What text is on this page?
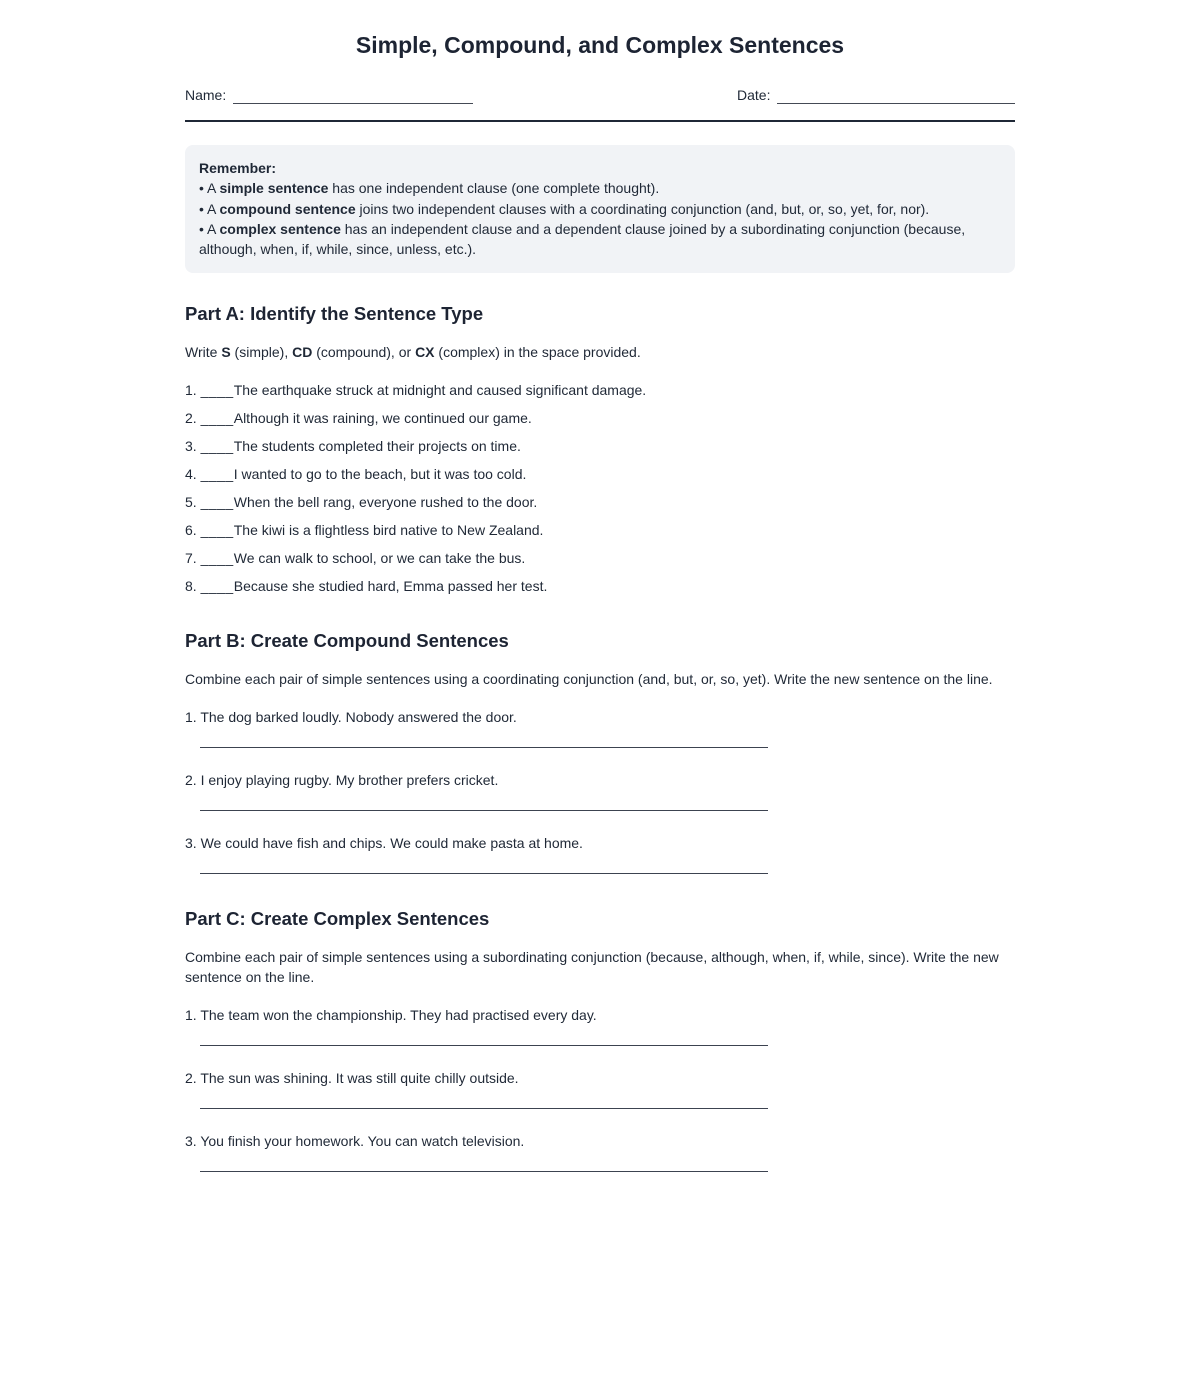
Simple, Compound, and Complex Sentences
Name:	Date:
Remember:
• A simple sentence has one independent clause (one complete thought).
• A compound sentence joins two independent clauses with a coordinating conjunction (and, but, or, so, yet, for, nor).
• A complex sentence has an independent clause and a dependent clause joined by a subordinating conjunction (because, although, when, if, while, since, unless, etc.).
Part A: Identify the Sentence Type

Write S (simple), CD (compound), or CX (complex) in the space provided.

1. ____The earthquake struck at midnight and caused significant damage.
2. ____Although it was raining, we continued our game.
3. ____The students completed their projects on time.
4. ____I wanted to go to the beach, but it was too cold.
5. ____When the bell rang, everyone rushed to the door.
6. ____The kiwi is a flightless bird native to New Zealand.
7. ____We can walk to school, or we can take the bus.
8. ____Because she studied hard, Emma passed her test.
Part B: Create Compound Sentences

Combine each pair of simple sentences using a coordinating conjunction (and, but, or, so, yet). Write the new sentence on the line.

1. The dog barked loudly. Nobody answered the door.
2. I enjoy playing rugby. My brother prefers cricket.
3. We could have fish and chips. We could make pasta at home.
Part C: Create Complex Sentences

Combine each pair of simple sentences using a subordinating conjunction (because, although, when, if, while, since). Write the new sentence on the line.

1. The team won the championship. They had practised every day.
2. The sun was shining. It was still quite chilly outside.
3. You finish your homework. You can watch television.
